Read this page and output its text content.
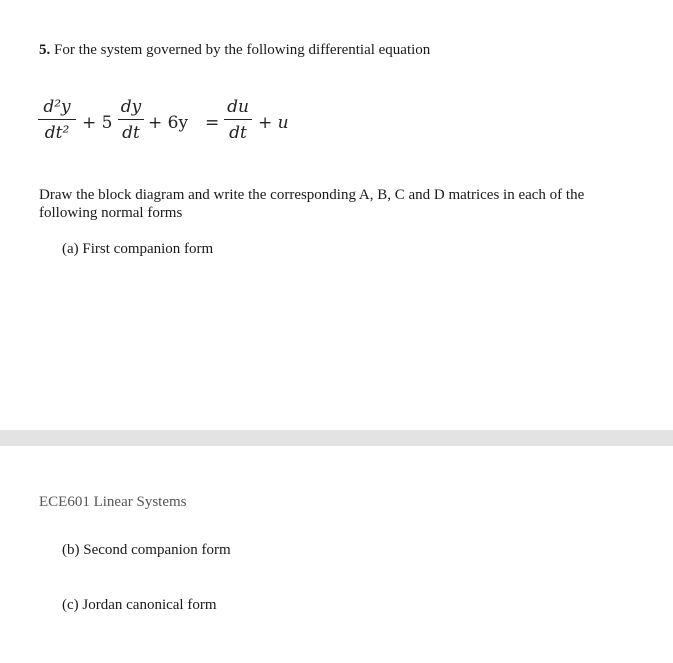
5. For the system governed by the following differential equation
d²y
dt² + 5
dy
dt + 6y =
du
dt + u
Draw the block diagram and write the corresponding A, B, C and D matrices in each of the following normal forms
(a) First companion form
ECE601 Linear Systems
(b) Second companion form
(c) Jordan canonical form
